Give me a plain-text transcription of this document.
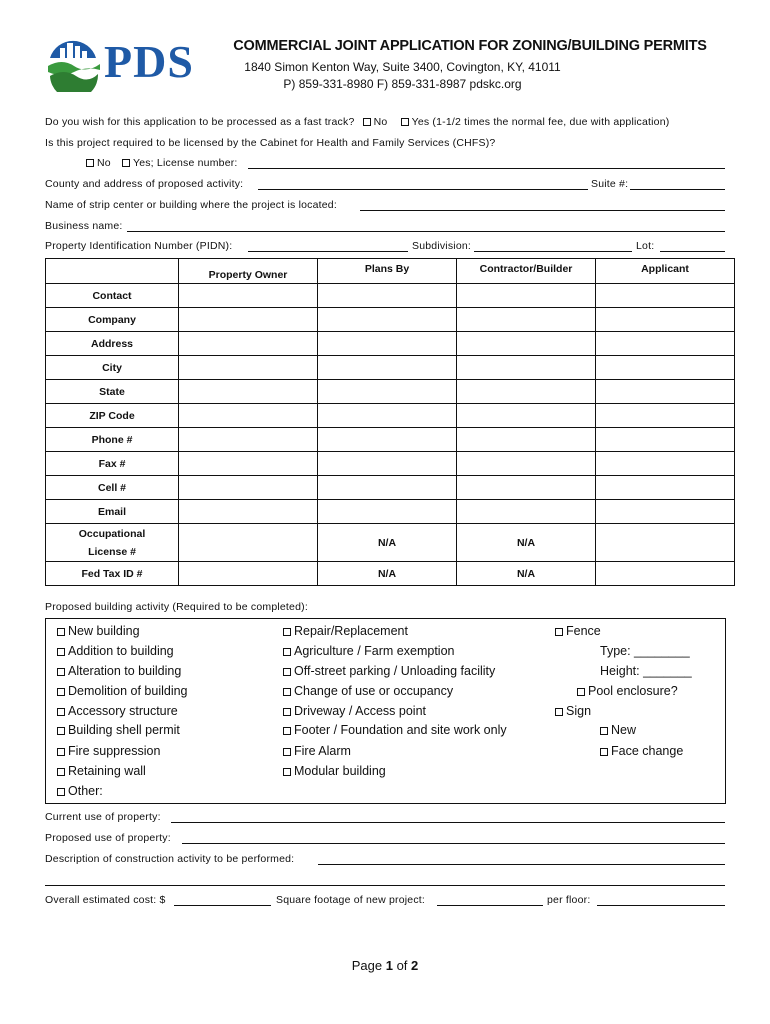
PDS	COMMERCIAL JOINT APPLICATION FOR ZONING/BUILDING PERMITS
1840 Simon Kenton Way, Suite 3400, Covington, KY, 41011
P) 859-331-8980 F) 859-331-8987 pdskc.org
Do you wish for this application to be processed as a fast track? No Yes (1-1/2 times the normal fee, due with application)
Is this project required to be licensed by the Cabinet for Health and Family Services (CHFS)?
No Yes; License number:
County and address of proposed activity:	Suite #:
Name of strip center or building where the project is located:
Business name:
Property Identification Number (PIDN):	Subdivision:	Lot:
	Property Owner	Plans By	Contractor/Builder	Applicant
Contact				
Company				
Address				
City				
State				
ZIP Code				
Phone #				
Fax #				
Cell #				
Email				

Occupational
License #		N/A	N/A	
Fed Tax ID #		N/A	N/A	
Proposed building activity (Required to be completed):
New building
Addition to building
Alteration to building
Demolition of building
Accessory structure
Building shell permit
Fire suppression
Retaining wall
Other:
Repair/Replacement
Agriculture / Farm exemption
Off-street parking / Unloading facility
Change of use or occupancy
Driveway / Access point
Footer / Foundation and site work only
Fire Alarm
Modular building
Fence
Type: ________
Height: _______
Pool enclosure?
Sign
New
Face change
Current use of property:
Proposed use of property:
Description of construction activity to be performed:
Overall estimated cost: $	Square footage of new project:	per floor:
Page 1 of 2
